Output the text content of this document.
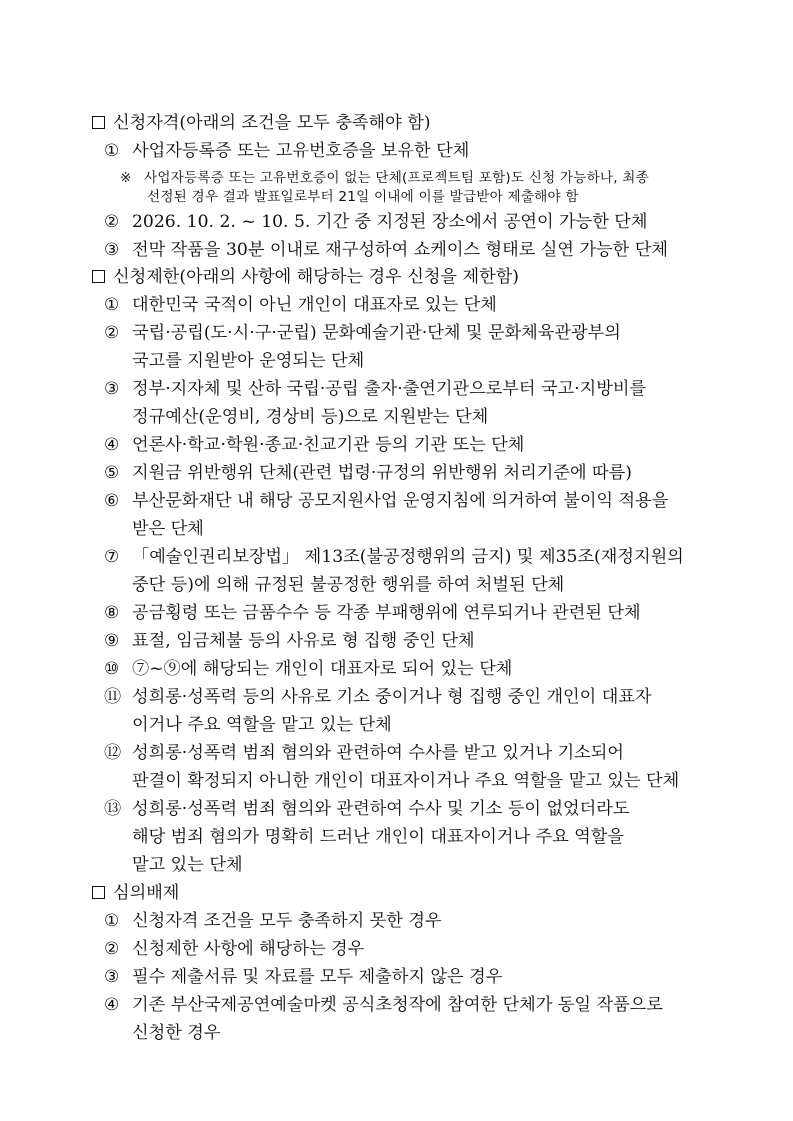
신청자격(아래의 조건을 모두 충족해야 함)
① 사업자등록증 또는 고유번호증을 보유한 단체
※ 사업자등록증 또는 고유번호증이 없는 단체(프로젝트팀 포함)도 신청 가능하나, 최종
선정된 경우 결과 발표일로부터 21일 이내에 이를 발급받아 제출해야 함
② 2026. 10. 2. ~ 10. 5. 기간 중 지정된 장소에서 공연이 가능한 단체
③ 전막 작품을 30분 이내로 재구성하여 쇼케이스 형태로 실연 가능한 단체
신청제한(아래의 사항에 해당하는 경우 신청을 제한함)
① 대한민국 국적이 아닌 개인이 대표자로 있는 단체
② 국립·공립(도·시·구·군립) 문화예술기관·단체 및 문화체육관광부의
국고를 지원받아 운영되는 단체
③ 정부·지자체 및 산하 국립·공립 출자·출연기관으로부터 국고·지방비를
정규예산(운영비, 경상비 등)으로 지원받는 단체
④ 언론사·학교·학원·종교·친교기관 등의 기관 또는 단체
⑤ 지원금 위반행위 단체(관련 법령·규정의 위반행위 처리기준에 따름)
⑥ 부산문화재단 내 해당 공모지원사업 운영지침에 의거하여 불이익 적용을
받은 단체
⑦ 「예술인권리보장법」 제13조(불공정행위의 금지) 및 제35조(재정지원의
중단 등)에 의해 규정된 불공정한 행위를 하여 처벌된 단체
⑧ 공금횡령 또는 금품수수 등 각종 부패행위에 연루되거나 관련된 단체
⑨ 표절, 임금체불 등의 사유로 형 집행 중인 단체
⑩ ⑦~⑨에 해당되는 개인이 대표자로 되어 있는 단체
⑪ 성희롱·성폭력 등의 사유로 기소 중이거나 형 집행 중인 개인이 대표자
이거나 주요 역할을 맡고 있는 단체
⑫ 성희롱·성폭력 범죄 혐의와 관련하여 수사를 받고 있거나 기소되어
판결이 확정되지 아니한 개인이 대표자이거나 주요 역할을 맡고 있는 단체
⑬ 성희롱·성폭력 범죄 혐의와 관련하여 수사 및 기소 등이 없었더라도
해당 범죄 혐의가 명확히 드러난 개인이 대표자이거나 주요 역할을
맡고 있는 단체
심의배제
① 신청자격 조건을 모두 충족하지 못한 경우
② 신청제한 사항에 해당하는 경우
③ 필수 제출서류 및 자료를 모두 제출하지 않은 경우
④ 기존 부산국제공연예술마켓 공식초청작에 참여한 단체가 동일 작품으로
신청한 경우
